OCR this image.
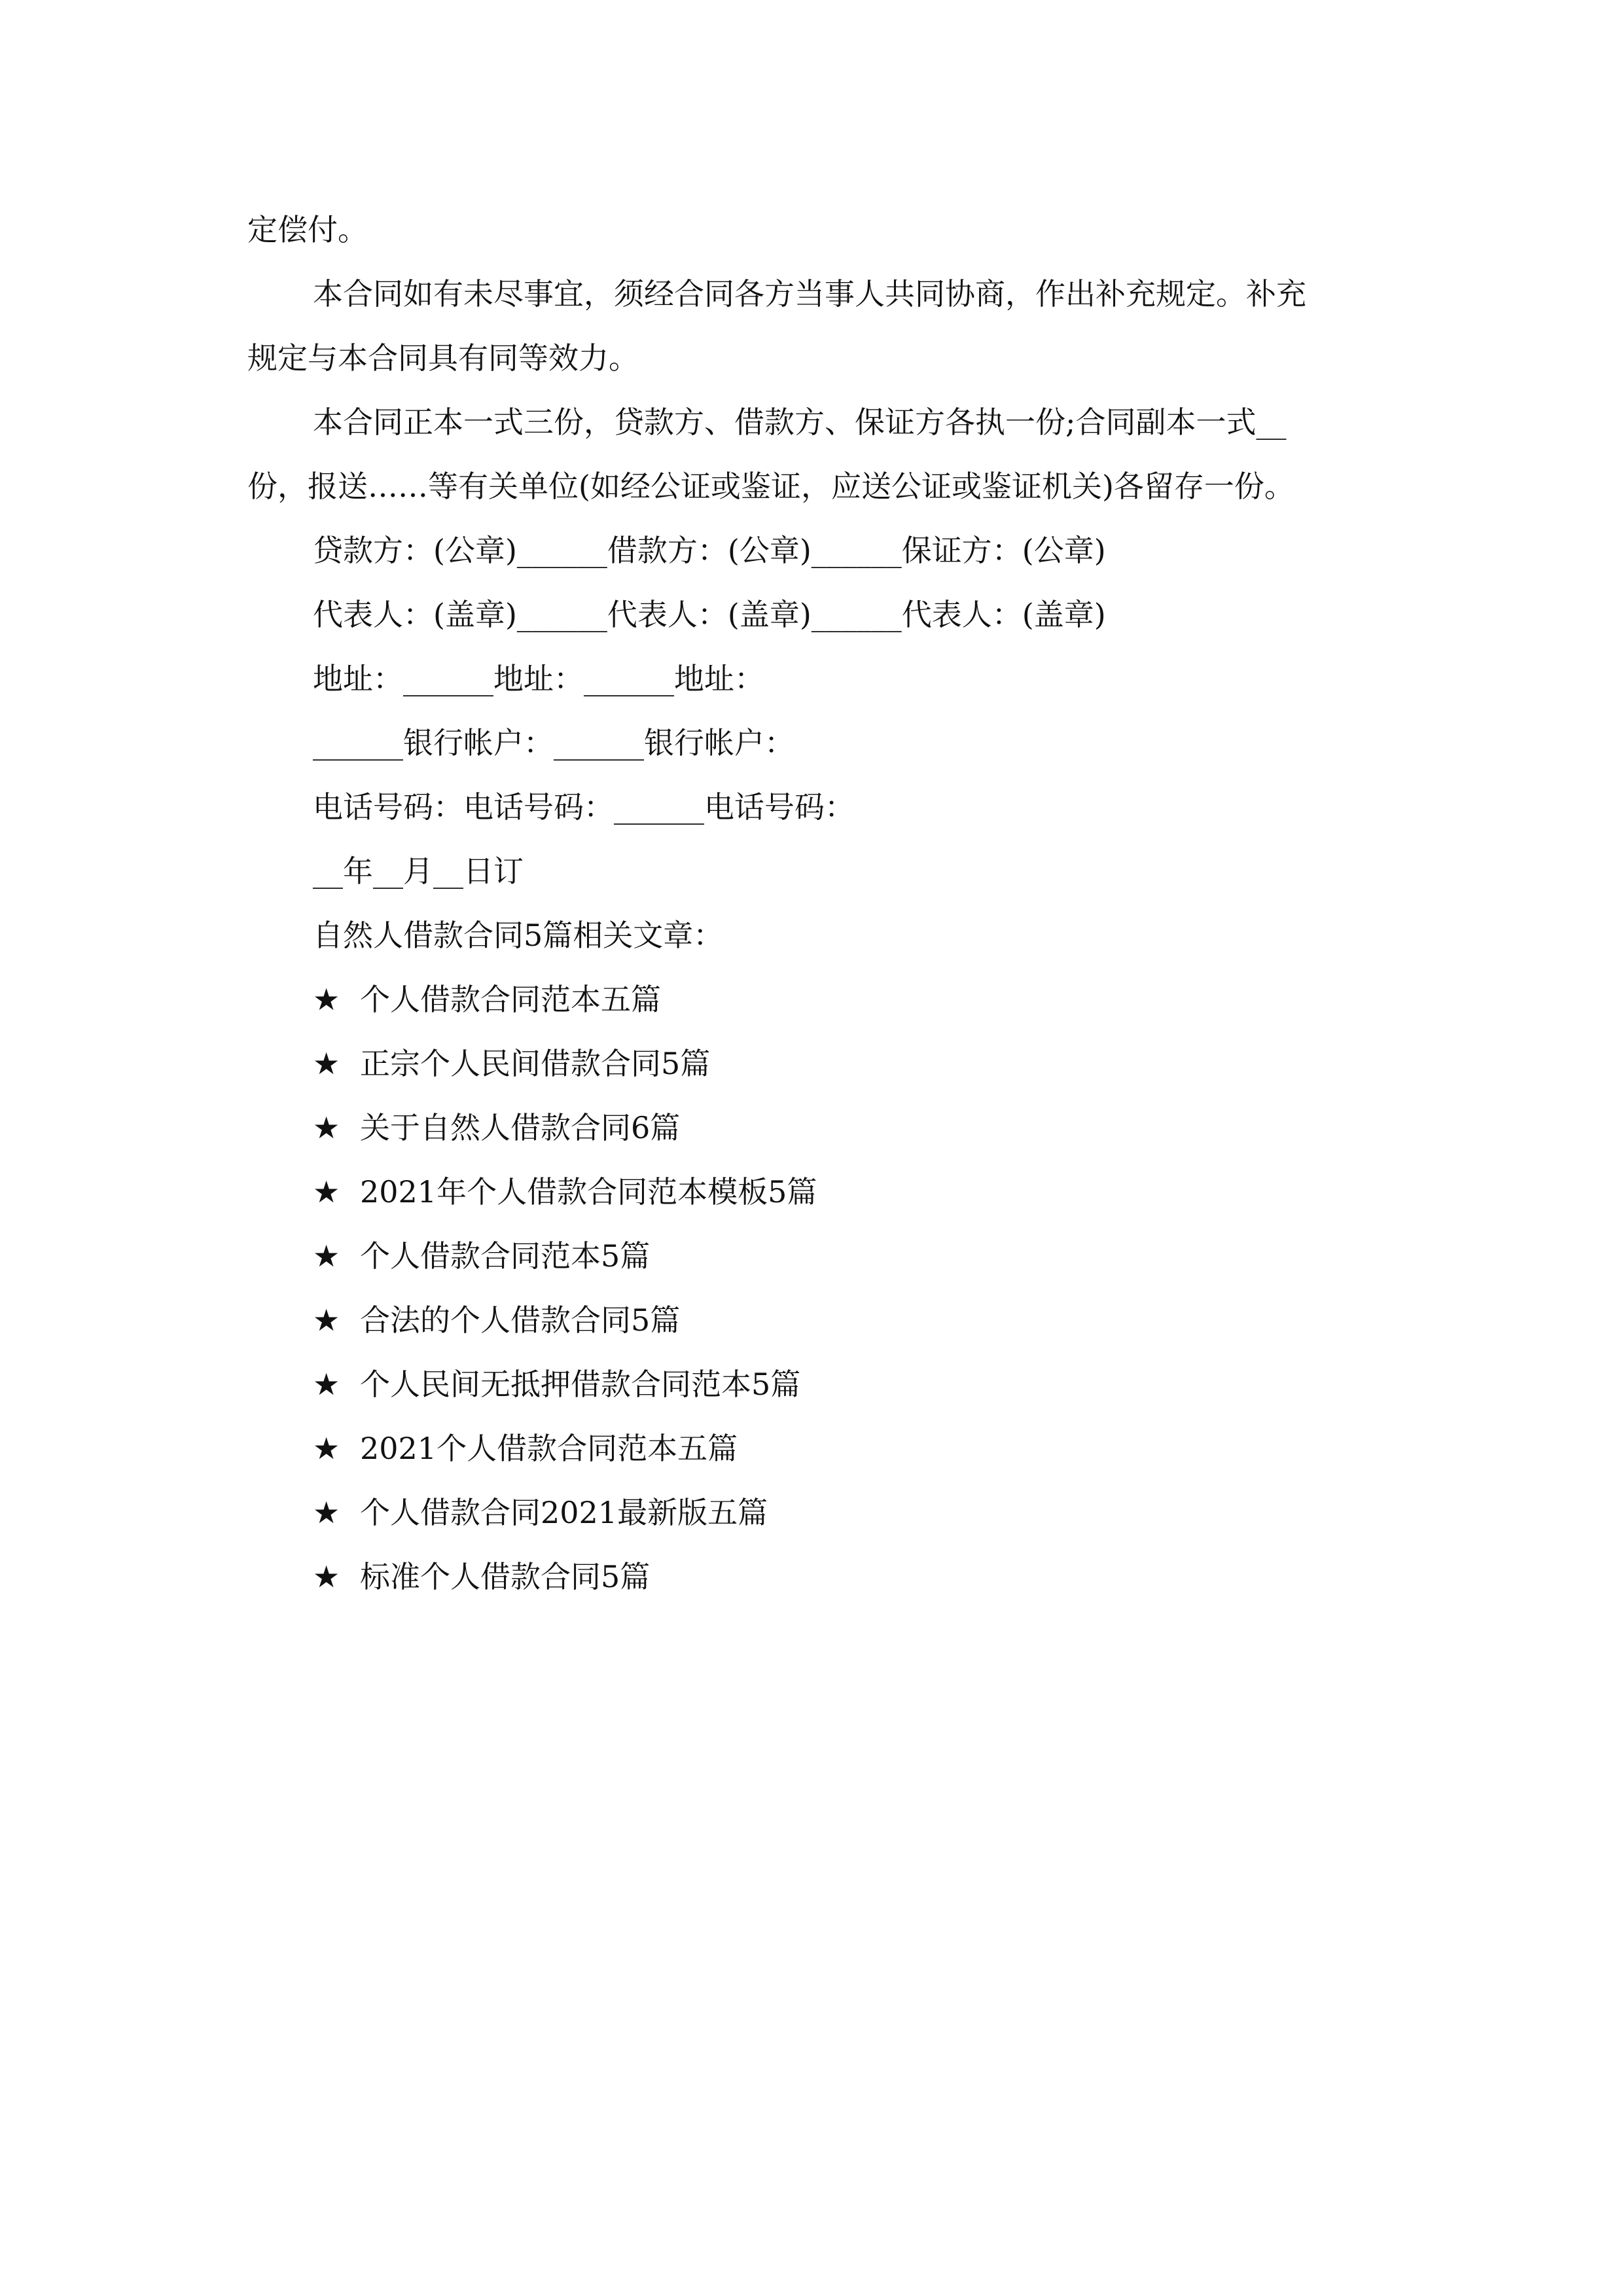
定偿付。
本合同如有未尽事宜，须经合同各方当事人共同协商，作出补充规定。补充
规定与本合同具有同等效力。
本合同正本一式三份，贷款方、借款方、保证方各执一份;合同副本一式__
份，报送……等有关单位(如经公证或鉴证，应送公证或鉴证机关)各留存一份。
贷款方：(公章)______借款方：(公章)______保证方：(公章)
代表人：(盖章)______代表人：(盖章)______代表人：(盖章)
地址：______地址：______地址：
______银行帐户：______银行帐户：
电话号码：电话号码：______电话号码：
__年__月__日订
自然人借款合同5篇相关文章：
★ 个人借款合同范本五篇
★ 正宗个人民间借款合同5篇
★ 关于自然人借款合同6篇
★ 2021年个人借款合同范本模板5篇
★ 个人借款合同范本5篇
★ 合法的个人借款合同5篇
★ 个人民间无抵押借款合同范本5篇
★ 2021个人借款合同范本五篇
★ 个人借款合同2021最新版五篇
★ 标准个人借款合同5篇
